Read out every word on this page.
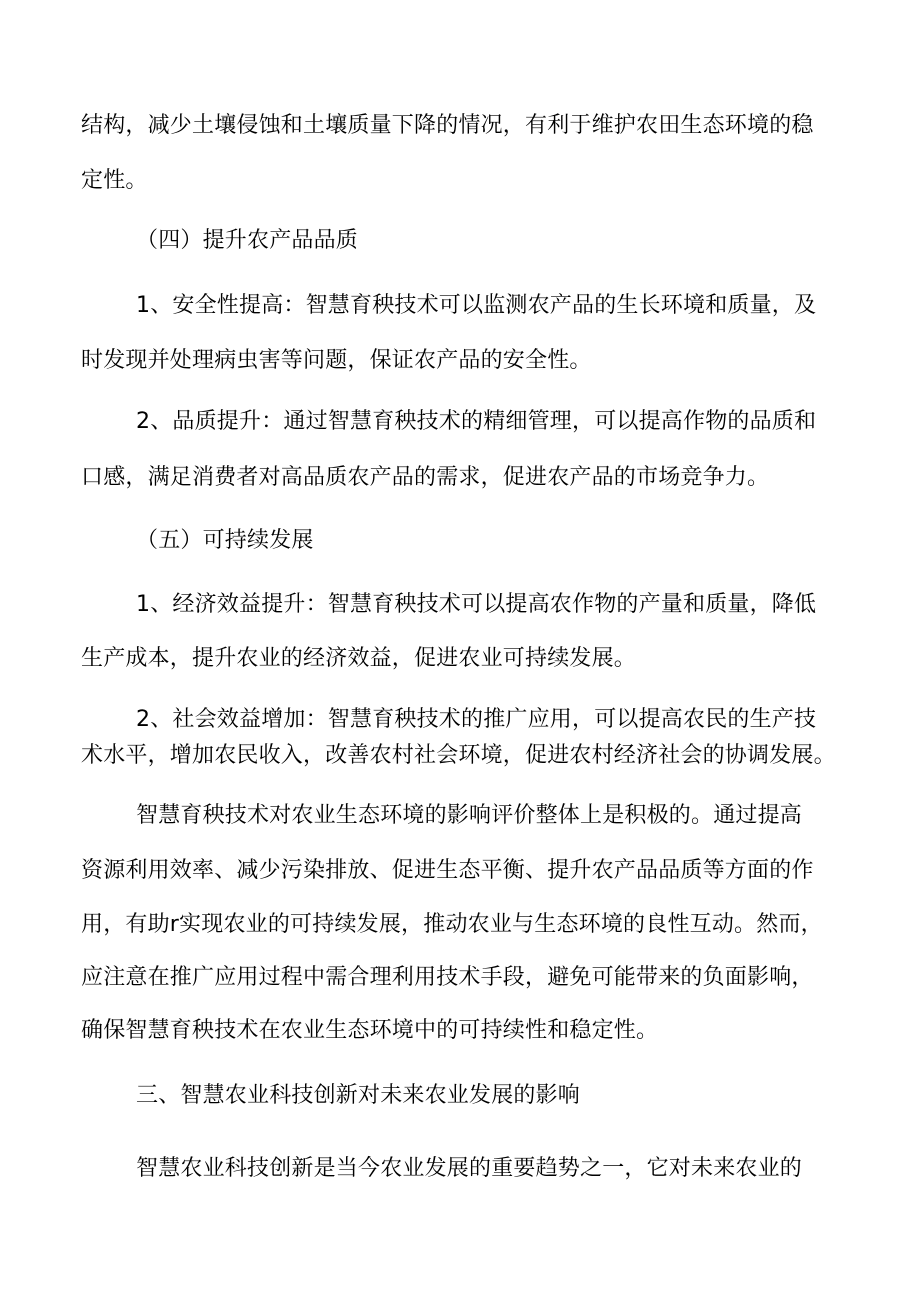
结构，减少土壤侵蚀和土壤质量下降的情况，有利于维护农田生态环境的稳
定性。
（四）提升农产品品质
1、安全性提高：智慧育秧技术可以监测农产品的生长环境和质量，及
时发现并处理病虫害等问题，保证农产品的安全性。
2、品质提升：通过智慧育秧技术的精细管理，可以提高作物的品质和
口感，满足消费者对高品质农产品的需求，促进农产品的市场竞争力。
（五）可持续发展
1、经济效益提升：智慧育秧技术可以提高农作物的产量和质量，降低
生产成本，提升农业的经济效益，促进农业可持续发展。
2、社会效益增加：智慧育秧技术的推广应用，可以提高农民的生产技
术水平，增加农民收入，改善农村社会环境，促进农村经济社会的协调发展。
智慧育秧技术对农业生态环境的影响评价整体上是积极的。通过提高
资源利用效率、减少污染排放、促进生态平衡、提升农产品品质等方面的作
用，有助r实现农业的可持续发展，推动农业与生态环境的良性互动。然而，
应注意在推广应用过程中需合理利用技术手段，避免可能带来的负面影响，
确保智慧育秧技术在农业生态环境中的可持续性和稳定性。
三、智慧农业科技创新对未来农业发展的影响
智慧农业科技创新是当今农业发展的重要趋势之一，它对未来农业的
